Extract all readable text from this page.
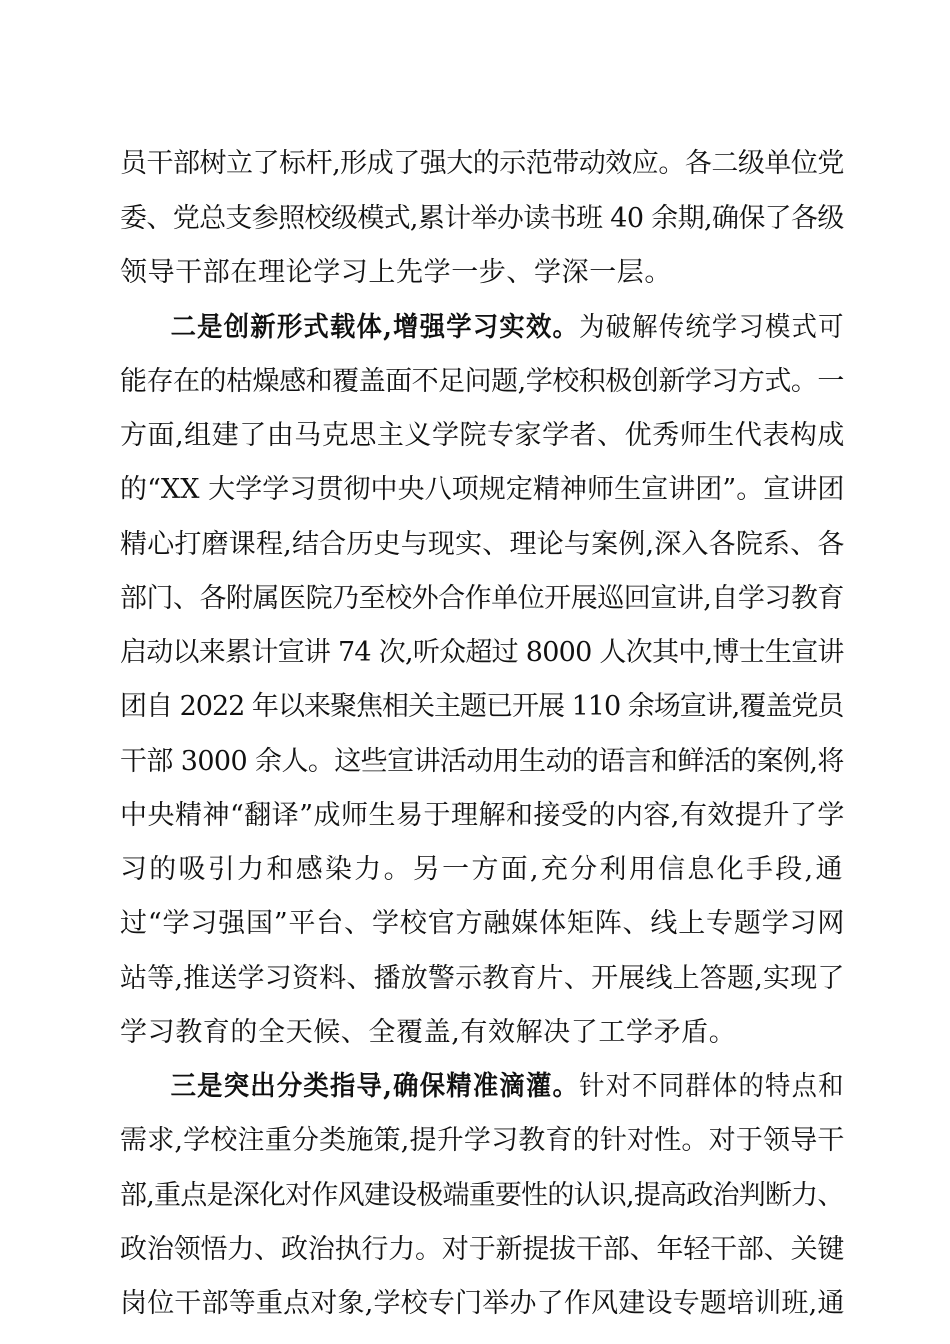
员干部树立了标杆,形成了强大的示范带动效应。各二级单位党
委、党总支参照校级模式,累计举办读书班 40 余期,确保了各级
领导干部在理论学习上先学一步、学深一层。
二是创新形式载体,增强学习实效。为破解传统学习模式可
能存在的枯燥感和覆盖面不足问题,学校积极创新学习方式。一
方面,组建了由马克思主义学院专家学者、优秀师生代表构成
的“XX 大学学习贯彻中央八项规定精神师生宣讲团”。宣讲团
精心打磨课程,结合历史与现实、理论与案例,深入各院系、各
部门、各附属医院乃至校外合作单位开展巡回宣讲,自学习教育
启动以来累计宣讲 74 次,听众超过 8000 人次其中,博士生宣讲
团自 2022 年以来聚焦相关主题已开展 110 余场宣讲,覆盖党员
干部 3000 余人。这些宣讲活动用生动的语言和鲜活的案例,将
中央精神“翻译”成师生易于理解和接受的内容,有效提升了学
习的吸引力和感染力。另一方面,充分利用信息化手段,通
过“学习强国”平台、学校官方融媒体矩阵、线上专题学习网
站等,推送学习资料、播放警示教育片、开展线上答题,实现了
学习教育的全天候、全覆盖,有效解决了工学矛盾。
三是突出分类指导,确保精准滴灌。针对不同群体的特点和
需求,学校注重分类施策,提升学习教育的针对性。对于领导干
部,重点是深化对作风建设极端重要性的认识,提高政治判断力、
政治领悟力、政治执行力。对于新提拔干部、年轻干部、关键
岗位干部等重点对象,学校专门举办了作风建设专题培训班,通
